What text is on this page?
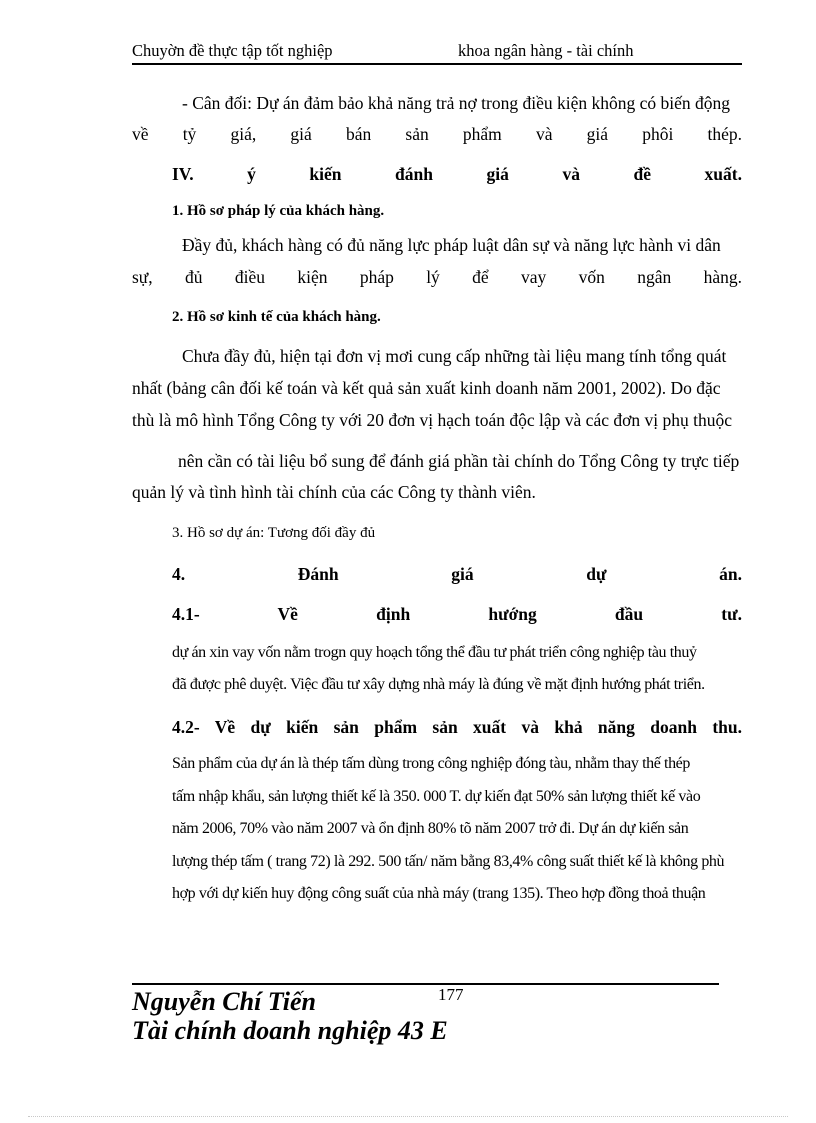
Chuyờn đề thực tập tốt nghiệp	khoa ngân hàng - tài chính
- Cân đối: Dự án đảm bảo khả năng trả nợ trong điều kiện không có biến động
về tỷ giá, giá bán sản phẩm và giá phôi thép.
IV. ý kiến đánh giá và đề xuất.
1. Hồ sơ pháp lý của khách hàng.
Đầy đủ, khách hàng có đủ năng lực pháp luật dân sự và năng lực hành vi dân
sự, đủ điều kiện pháp lý để vay vốn ngân hàng.
2. Hồ sơ kinh tế của khách hàng.
Chưa đầy đủ, hiện tại đơn vị mơi cung cấp những tài liệu mang tính tổng quát
nhất (bảng cân đối kế toán và kết quả sản xuất kinh doanh năm 2001, 2002). Do đặc
thù là mô hình Tổng Công ty với 20 đơn vị hạch toán độc lập và các đơn vị phụ thuộc
nên cần có tài liệu bổ sung để đánh giá phần tài chính do Tổng Công ty trực tiếp
quản lý và tình hình tài chính của các Công ty thành viên.
3. Hồ sơ dự án: Tương đối đầy đủ
4. Đánh giá dự án.
4.1- Về định hướng đầu tư.
dự án xin vay vốn nằm trogn quy hoạch tổng thể đầu tư phát triển công nghiệp tàu thuỷ
đã được phê duyệt. Việc đầu tư xây dựng nhà máy là đúng về mặt định hướng phát triển.
4.2- Về dự kiến sản phẩm sản xuất và khả năng doanh thu.
Sản phẩm của dự án là thép tấm dùng trong công nghiệp đóng tàu, nhằm thay thế thép
tấm nhập khẩu, sản lượng thiết kế là 350. 000 T. dự kiến đạt 50% sản lượng thiết kế vào
năm 2006, 70% vào năm 2007 và ổn định 80% tõ năm 2007 trở đi. Dự án dự kiến sản
lượng thép tấm ( trang 72) là 292. 500 tấn/ năm bằng 83,4% công suất thiết kế là không phù
hợp với dự kiến huy động công suất của nhà máy (trang 135). Theo hợp đồng thoả thuận
177
Nguyễn Chí Tiến
Tài chính doanh nghiệp 43 E
